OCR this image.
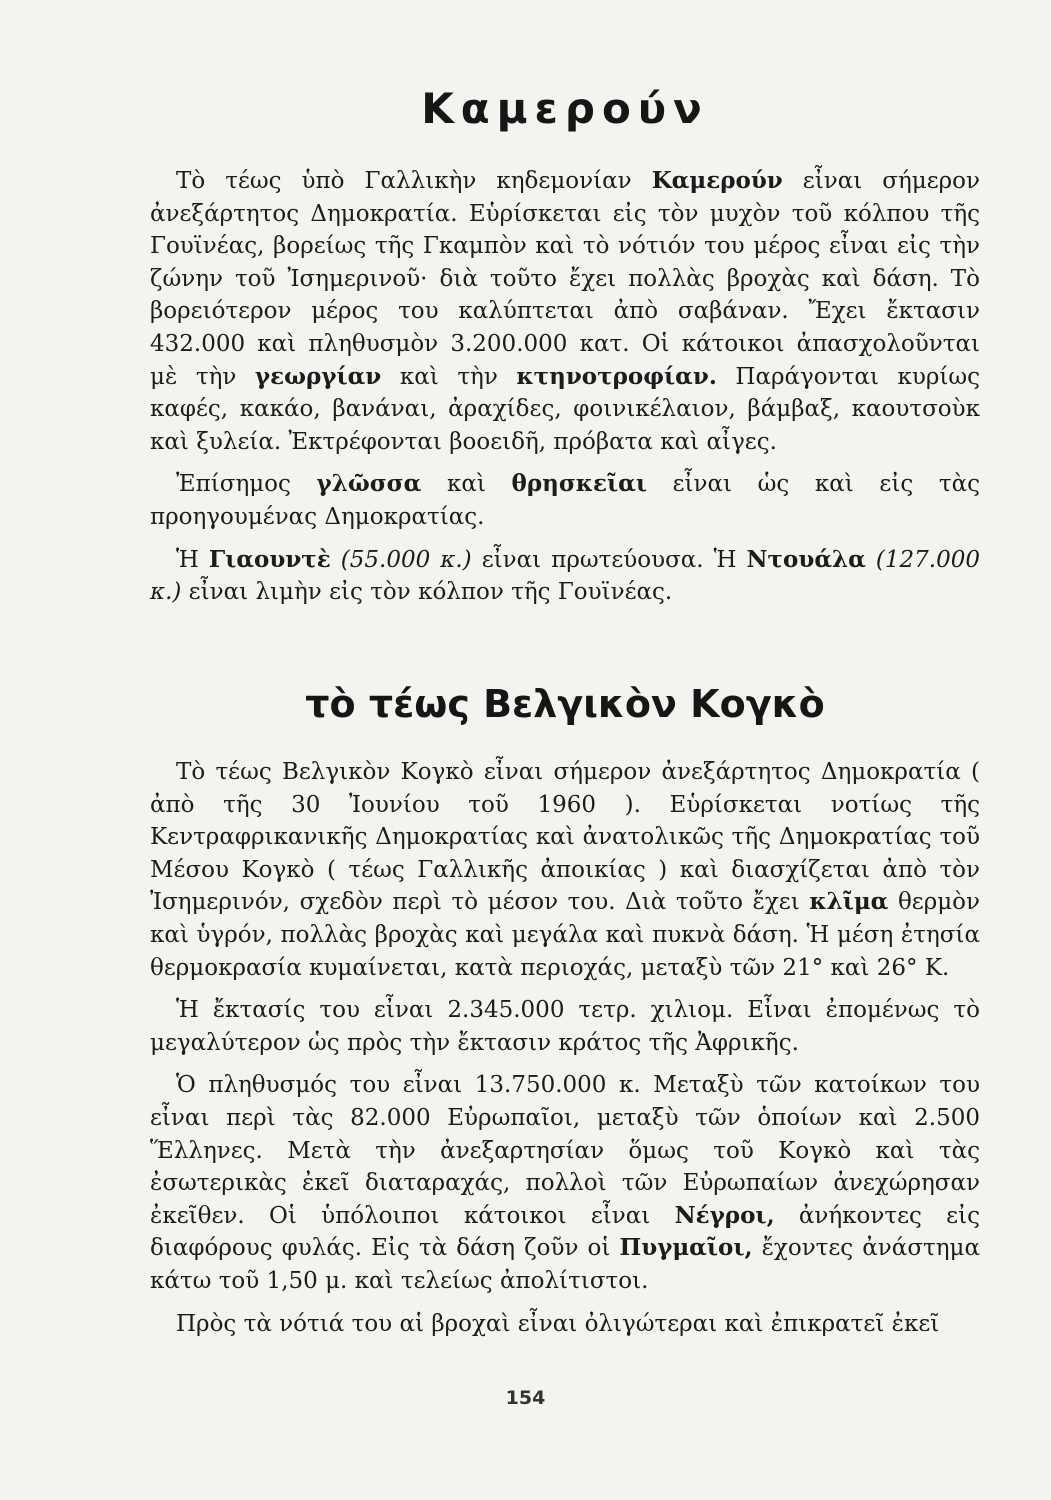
Καμερούν

Τὸ τέως ὑπὸ Γαλλικὴν κηδεμονίαν Καμερούν εἶναι σήμερον ἀνεξάρτητος Δημοκρατία. Εὑρίσκεται εἰς τὸν μυχὸν τοῦ κόλπου τῆς Γουϊνέας, βορείως τῆς Γκαμπὸν καὶ τὸ νότιόν του μέρος εἶναι εἰς τὴν ζώνην τοῦ Ἰσημερινοῦ· διὰ τοῦτο ἔχει πολλὰς βροχὰς καὶ δάση. Τὸ βορειότερον μέρος του καλύπτεται ἀπὸ σαβάναν. Ἔχει ἔκτασιν 432.000 καὶ πληθυσμὸν 3.200.000 κατ. Οἱ κάτοικοι ἀπασχολοῦνται μὲ τὴν γεωργίαν καὶ τὴν κτηνοτροφίαν. Παράγονται κυρίως καφές, κακάο, βανάναι, ἀραχίδες, φοινικέλαιον, βάμβαξ, καουτσοὺκ καὶ ξυλεία. Ἐκτρέφονται βοοειδῆ, πρόβατα καὶ αἶγες.

Ἐπίσημος γλῶσσα καὶ θρησκεῖαι εἶναι ὡς καὶ εἰς τὰς προηγουμένας Δημοκρατίας.

Ἡ Γιαουντὲ (55.000 κ.) εἶναι πρωτεύουσα. Ἡ Ντουάλα (127.000 κ.) εἶναι λιμὴν εἰς τὸν κόλπον τῆς Γουϊνέας.

τὸ τέως Βελγικὸν Κογκὸ

Τὸ τέως Βελγικὸν Κογκὸ εἶναι σήμερον ἀνεξάρτητος Δημοκρατία ( ἀπὸ τῆς 30 Ἰουνίου τοῦ 1960 ). Εὑρίσκεται νοτίως τῆς Κεντραφρικανικῆς Δημοκρατίας καὶ ἀνατολικῶς τῆς Δημοκρατίας τοῦ Μέσου Κογκὸ ( τέως Γαλλικῆς ἀποικίας ) καὶ διασχίζεται ἀπὸ τὸν Ἰσημερινόν, σχεδὸν περὶ τὸ μέσον του. Διὰ τοῦτο ἔχει κλῖμα θερμὸν καὶ ὑγρόν, πολλὰς βροχὰς καὶ μεγάλα καὶ πυκνὰ δάση. Ἡ μέση ἐτησία θερμοκρασία κυμαίνεται, κατὰ περιοχάς, μεταξὺ τῶν 21° καὶ 26° Κ.

Ἡ ἔκτασίς του εἶναι 2.345.000 τετρ. χιλιομ. Εἶναι ἐπομένως τὸ μεγαλύτερον ὡς πρὸς τὴν ἔκτασιν κράτος τῆς Ἀφρικῆς.

Ὁ πληθυσμός του εἶναι 13.750.000 κ. Μεταξὺ τῶν κατοίκων του εἶναι περὶ τὰς 82.000 Εὐρωπαῖοι, μεταξὺ τῶν ὁποίων καὶ 2.500 Ἕλληνες. Μετὰ τὴν ἀνεξαρτησίαν ὅμως τοῦ Κογκὸ καὶ τὰς ἐσωτερικὰς ἐκεῖ διαταραχάς, πολλοὶ τῶν Εὐρωπαίων ἀνεχώρησαν ἐκεῖθεν. Οἱ ὑπόλοιποι κάτοικοι εἶναι Νέγροι, ἀνήκοντες εἰς διαφόρους φυλάς. Εἰς τὰ δάση ζοῦν οἱ Πυγμαῖοι, ἔχοντες ἀνάστημα κάτω τοῦ 1,50 μ. καὶ τελείως ἀπολίτιστοι.

Πρὸς τὰ νότιά του αἱ βροχαὶ εἶναι ὀλιγώτεραι καὶ ἐπικρατεῖ ἐκεῖ

154
